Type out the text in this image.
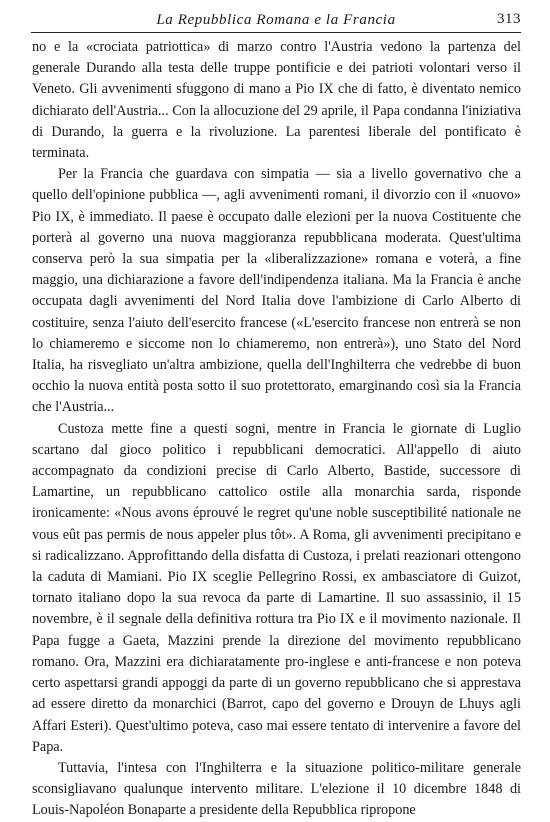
La Repubblica Romana e la Francia	313

no e la «crociata patriottica» di marzo contro l'Austria vedono la partenza del generale Durando alla testa delle truppe pontificie e dei patrioti volontari verso il Veneto. Gli avvenimenti sfuggono di mano a Pio IX che di fatto, è diventato nemico dichiarato dell'Austria... Con la allocuzione del 29 aprile, il Papa condanna l'iniziativa di Durando, la guerra e la rivoluzione. La parentesi liberale del pontificato è terminata.

Per la Francia che guardava con simpatia — sia a livello governativo che a quello dell'opinione pubblica —, agli avvenimenti romani, il divorzio con il «nuovo» Pio IX, è immediato. Il paese è occupato dalle elezioni per la nuova Costituente che porterà al governo una nuova maggioranza repubblicana moderata. Quest'ultima conserva però la sua simpatia per la «liberalizzazione» romana e voterà, a fine maggio, una dichiarazione a favore dell'indipendenza italiana. Ma la Francia è anche occupata dagli avvenimenti del Nord Italia dove l'ambizione di Carlo Alberto di costituire, senza l'aiuto dell'esercito francese («L'esercito francese non entrerà se non lo chiameremo e siccome non lo chiameremo, non entrerà»), uno Stato del Nord Italia, ha risvegliato un'altra ambizione, quella dell'Inghilterra che vedrebbe di buon occhio la nuova entità posta sotto il suo protettorato, emarginando così sia la Francia che l'Austria...

Custoza mette fine a questi sogni, mentre in Francia le giornate di Luglio scartano dal gioco politico i repubblicani democratici. All'appello di aiuto accompagnato da condizioni precise di Carlo Alberto, Bastide, successore di Lamartine, un repubblicano cattolico ostile alla monarchia sarda, risponde ironicamente: «Nous avons éprouvé le regret qu'une noble susceptibilité nationale ne vous eût pas permis de nous appeler plus tôt». A Roma, gli avvenimenti precipitano e si radicalizzano. Approfittando della disfatta di Custoza, i prelati reazionari ottengono la caduta di Mamiani. Pio IX sceglie Pellegrino Rossi, ex ambasciatore di Guizot, tornato italiano dopo la sua revoca da parte di Lamartine. Il suo assassinio, il 15 novembre, è il segnale della definitiva rottura tra Pio IX e il movimento nazionale. Il Papa fugge a Gaeta, Mazzini prende la direzione del movimento repubblicano romano. Ora, Mazzini era dichiaratamente pro-inglese e anti-francese e non poteva certo aspettarsi grandi appoggi da parte di un governo repubblicano che si apprestava ad essere diretto da monarchici (Barrot, capo del governo e Drouyn de Lhuys agli Affari Esteri). Quest'ultimo poteva, caso mai essere tentato di intervenire a favore del Papa.

Tuttavia, l'intesa con l'Inghilterra e la situazione politico-militare generale sconsigliavano qualunque intervento militare. L'elezione il 10 dicembre 1848 di Louis-Napoléon Bonaparte a presidente della Repubblica ripropone
